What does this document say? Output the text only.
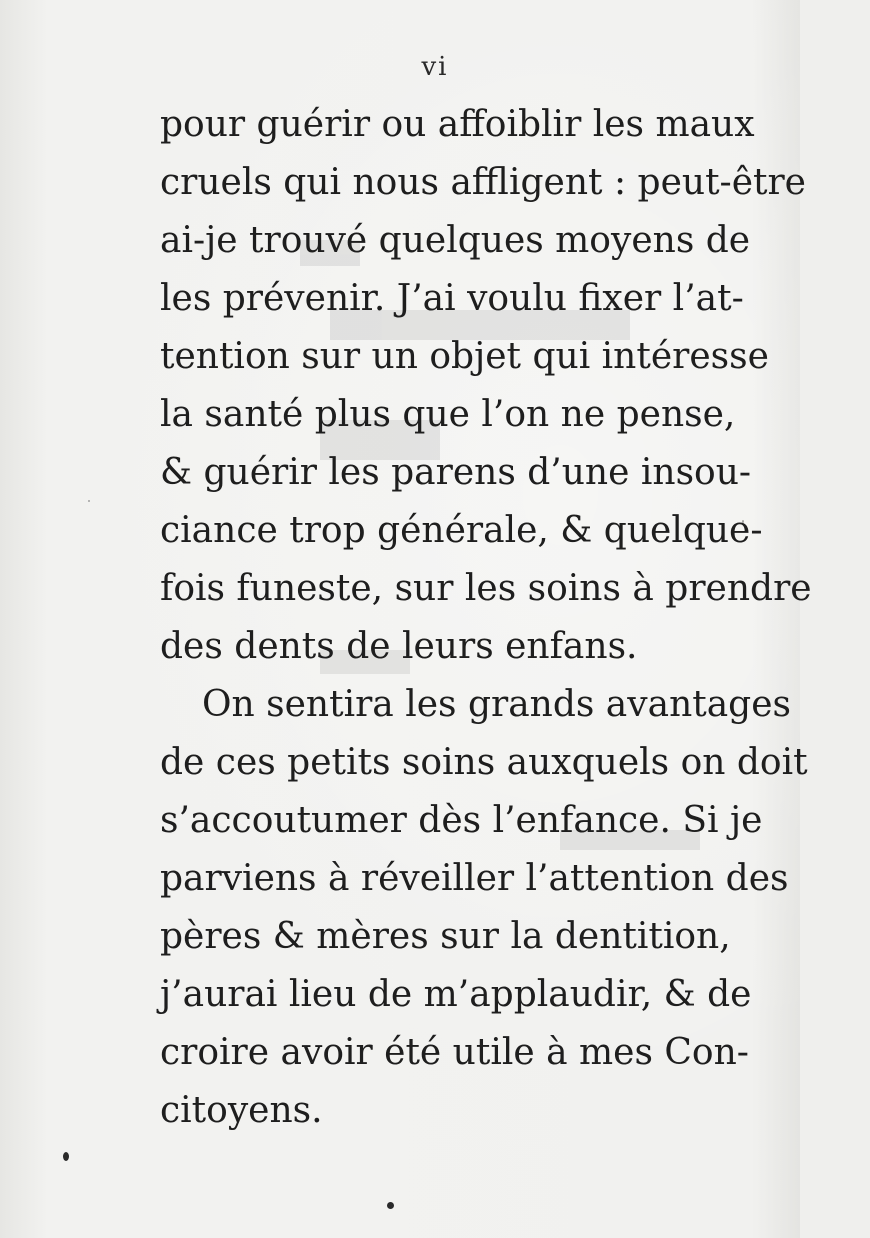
vi
pour guérir ou affoiblir les maux
cruels qui nous affligent : peut-être
ai-je trouvé quelques moyens de
les prévenir. J’ai voulu fixer l’at-
tention sur un objet qui intéresse
la santé plus que l’on ne pense,
& guérir les parens d’une insou-
ciance trop générale, & quelque-
fois funeste, sur les soins à prendre
des dents de leurs enfans.
On sentira les grands avantages
de ces petits soins auxquels on doit
s’accoutumer dès l’enfance. Si je
parviens à réveiller l’attention des
pères & mères sur la dentition,
j’aurai lieu de m’applaudir, & de
croire avoir été utile à mes Con-
citoyens.
